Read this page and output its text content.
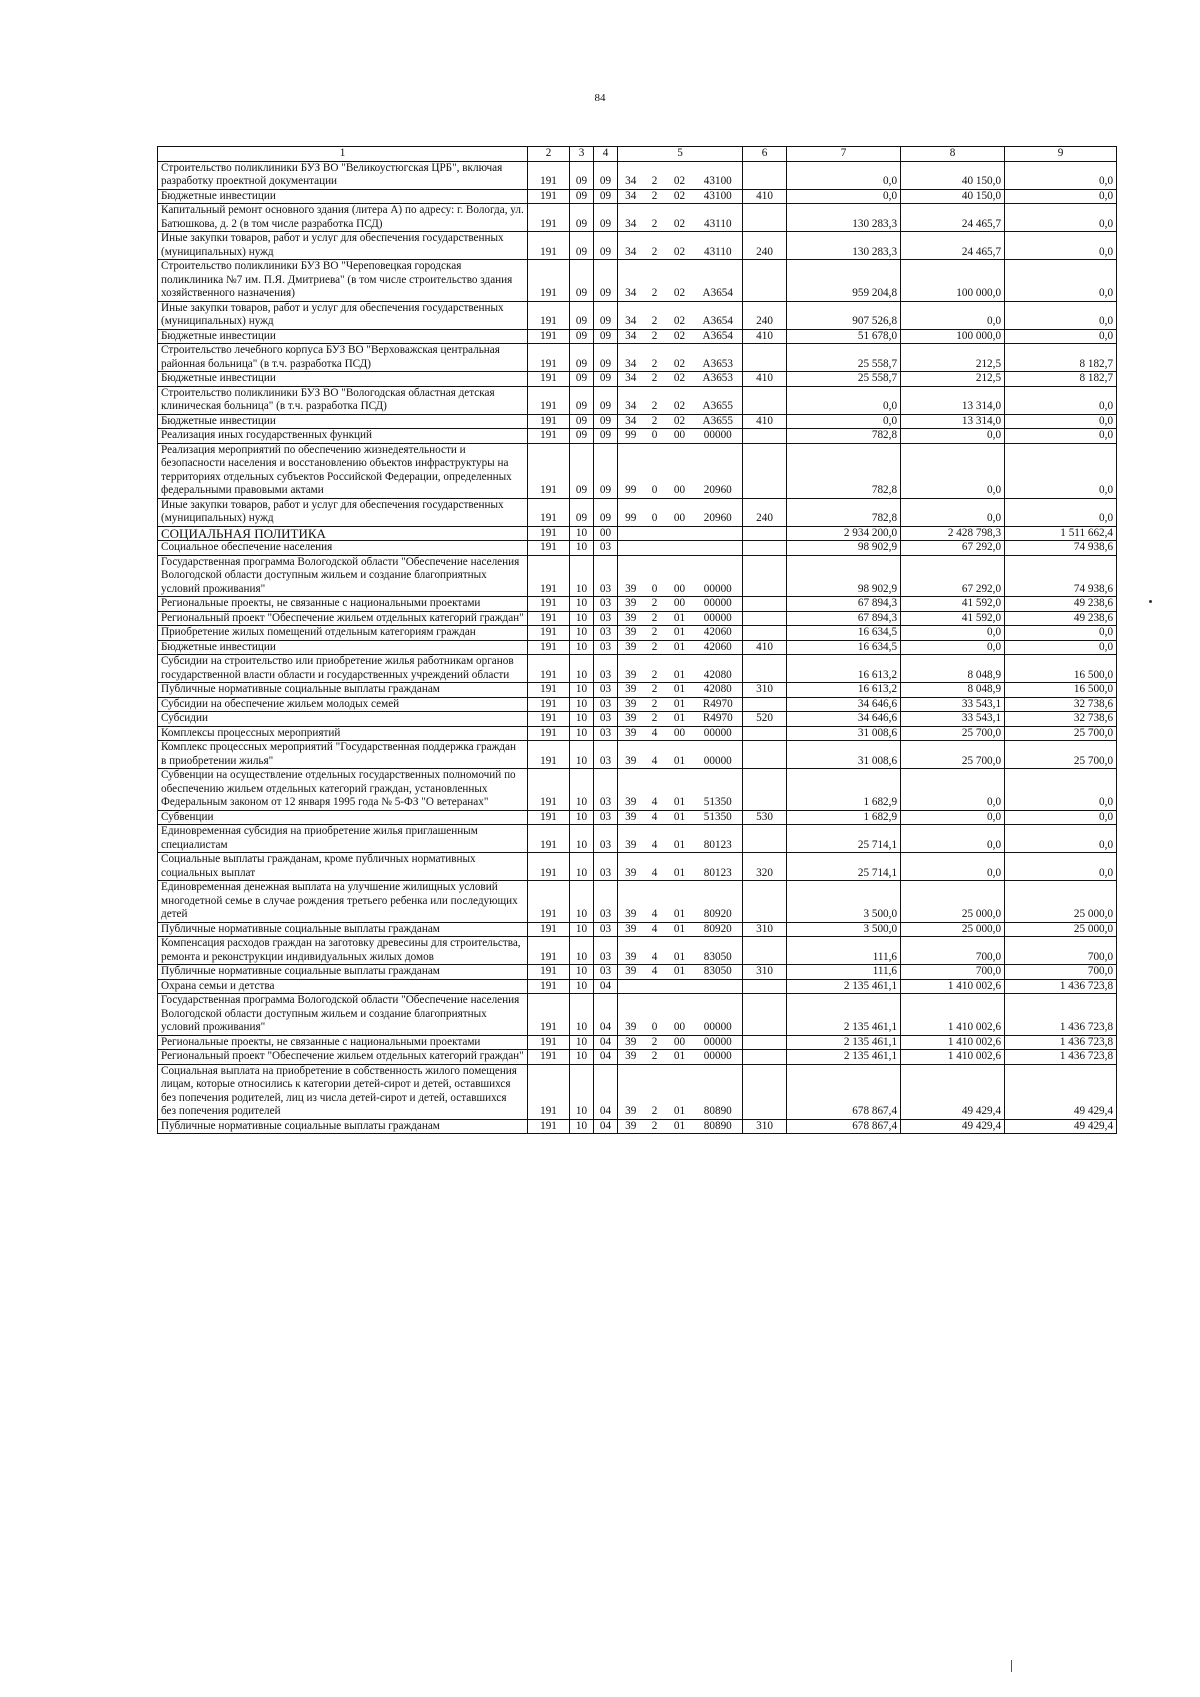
84
1	2	3	4	5				6	7	8	9
Строительство поликлиники БУЗ ВО "Великоустюгская ЦРБ", включая разработку проектной документации	191	09	09	34	2	02	43100		0,0	40 150,0	0,0
Бюджетные инвестиции	191	09	09	34	2	02	43100	410	0,0	40 150,0	0,0
Капитальный ремонт основного здания (литера А) по адресу: г. Вологда, ул. Батюшкова, д. 2 (в том числе разработка ПСД)	191	09	09	34	2	02	43110		130 283,3	24 465,7	0,0
Иные закупки товаров, работ и услуг для обеспечения государственных (муниципальных) нужд	191	09	09	34	2	02	43110	240	130 283,3	24 465,7	0,0
Строительство поликлиники БУЗ ВО "Череповецкая городская поликлиника №7 им. П.Я. Дмитриева" (в том числе строительство здания хозяйственного назначения)	191	09	09	34	2	02	А3654		959 204,8	100 000,0	0,0
Иные закупки товаров, работ и услуг для обеспечения государственных (муниципальных) нужд	191	09	09	34	2	02	А3654	240	907 526,8	0,0	0,0
Бюджетные инвестиции	191	09	09	34	2	02	А3654	410	51 678,0	100 000,0	0,0
Строительство лечебного корпуса БУЗ ВО "Верховажская центральная районная больница" (в т.ч. разработка ПСД)	191	09	09	34	2	02	А3653		25 558,7	212,5	8 182,7
Бюджетные инвестиции	191	09	09	34	2	02	А3653	410	25 558,7	212,5	8 182,7
Строительство поликлиники БУЗ ВО "Вологодская областная детская клиническая больница" (в т.ч. разработка ПСД)	191	09	09	34	2	02	А3655		0,0	13 314,0	0,0
Бюджетные инвестиции	191	09	09	34	2	02	А3655	410	0,0	13 314,0	0,0
Реализация иных государственных функций	191	09	09	99	0	00	00000		782,8	0,0	0,0
Реализация мероприятий по обеспечению жизнедеятельности и безопасности населения и восстановлению объектов инфраструктуры на территориях отдельных субъектов Российской Федерации, определенных федеральными правовыми актами	191	09	09	99	0	00	20960		782,8	0,0	0,0
Иные закупки товаров, работ и услуг для обеспечения государственных (муниципальных) нужд	191	09	09	99	0	00	20960	240	782,8	0,0	0,0
СОЦИАЛЬНАЯ ПОЛИТИКА	191	10	00						2 934 200,0	2 428 798,3	1 511 662,4
Социальное обеспечение населения	191	10	03						98 902,9	67 292,0	74 938,6
Государственная программа Вологодской области "Обеспечение населения Вологодской области доступным жильем и создание благоприятных условий проживания"	191	10	03	39	0	00	00000		98 902,9	67 292,0	74 938,6
Региональные проекты, не связанные с национальными проектами	191	10	03	39	2	00	00000		67 894,3	41 592,0	49 238,6
Региональный проект "Обеспечение жильем отдельных категорий граждан"	191	10	03	39	2	01	00000		67 894,3	41 592,0	49 238,6
Приобретение жилых помещений отдельным категориям граждан	191	10	03	39	2	01	42060		16 634,5	0,0	0,0
Бюджетные инвестиции	191	10	03	39	2	01	42060	410	16 634,5	0,0	0,0
Субсидии на строительство или приобретение жилья работникам органов государственной власти области и государственных учреждений области	191	10	03	39	2	01	42080		16 613,2	8 048,9	16 500,0
Публичные нормативные социальные выплаты гражданам	191	10	03	39	2	01	42080	310	16 613,2	8 048,9	16 500,0
Субсидии на обеспечение жильем молодых семей	191	10	03	39	2	01	R4970		34 646,6	33 543,1	32 738,6
Субсидии	191	10	03	39	2	01	R4970	520	34 646,6	33 543,1	32 738,6
Комплексы процессных мероприятий	191	10	03	39	4	00	00000		31 008,6	25 700,0	25 700,0
Комплекс процессных мероприятий "Государственная поддержка граждан в приобретении жилья"	191	10	03	39	4	01	00000		31 008,6	25 700,0	25 700,0
Субвенции на осуществление отдельных государственных полномочий по обеспечению жильем отдельных категорий граждан, установленных Федеральным законом от 12 января 1995 года № 5-ФЗ "О ветеранах"	191	10	03	39	4	01	51350		1 682,9	0,0	0,0
Субвенции	191	10	03	39	4	01	51350	530	1 682,9	0,0	0,0
Единовременная субсидия на приобретение жилья приглашенным специалистам	191	10	03	39	4	01	80123		25 714,1	0,0	0,0
Социальные выплаты гражданам, кроме публичных нормативных социальных выплат	191	10	03	39	4	01	80123	320	25 714,1	0,0	0,0
Единовременная денежная выплата на улучшение жилищных условий многодетной семье в случае рождения третьего ребенка или последующих детей	191	10	03	39	4	01	80920		3 500,0	25 000,0	25 000,0
Публичные нормативные социальные выплаты гражданам	191	10	03	39	4	01	80920	310	3 500,0	25 000,0	25 000,0
Компенсация расходов граждан на заготовку древесины для строительства, ремонта и реконструкции индивидуальных жилых домов	191	10	03	39	4	01	83050		111,6	700,0	700,0
Публичные нормативные социальные выплаты гражданам	191	10	03	39	4	01	83050	310	111,6	700,0	700,0
Охрана семьи и детства	191	10	04						2 135 461,1	1 410 002,6	1 436 723,8
Государственная программа Вологодской области "Обеспечение населения Вологодской области доступным жильем и создание благоприятных условий проживания"	191	10	04	39	0	00	00000		2 135 461,1	1 410 002,6	1 436 723,8
Региональные проекты, не связанные с национальными проектами	191	10	04	39	2	00	00000		2 135 461,1	1 410 002,6	1 436 723,8
Региональный проект "Обеспечение жильем отдельных категорий граждан"	191	10	04	39	2	01	00000		2 135 461,1	1 410 002,6	1 436 723,8
Социальная выплата на приобретение в собственность жилого помещения лицам, которые относились к категории детей-сирот и детей, оставшихся без попечения родителей, лиц из числа детей-сирот и детей, оставшихся без попечения родителей	191	10	04	39	2	01	80890		678 867,4	49 429,4	49 429,4
Публичные нормативные социальные выплаты гражданам	191	10	04	39	2	01	80890	310	678 867,4	49 429,4	49 429,4
